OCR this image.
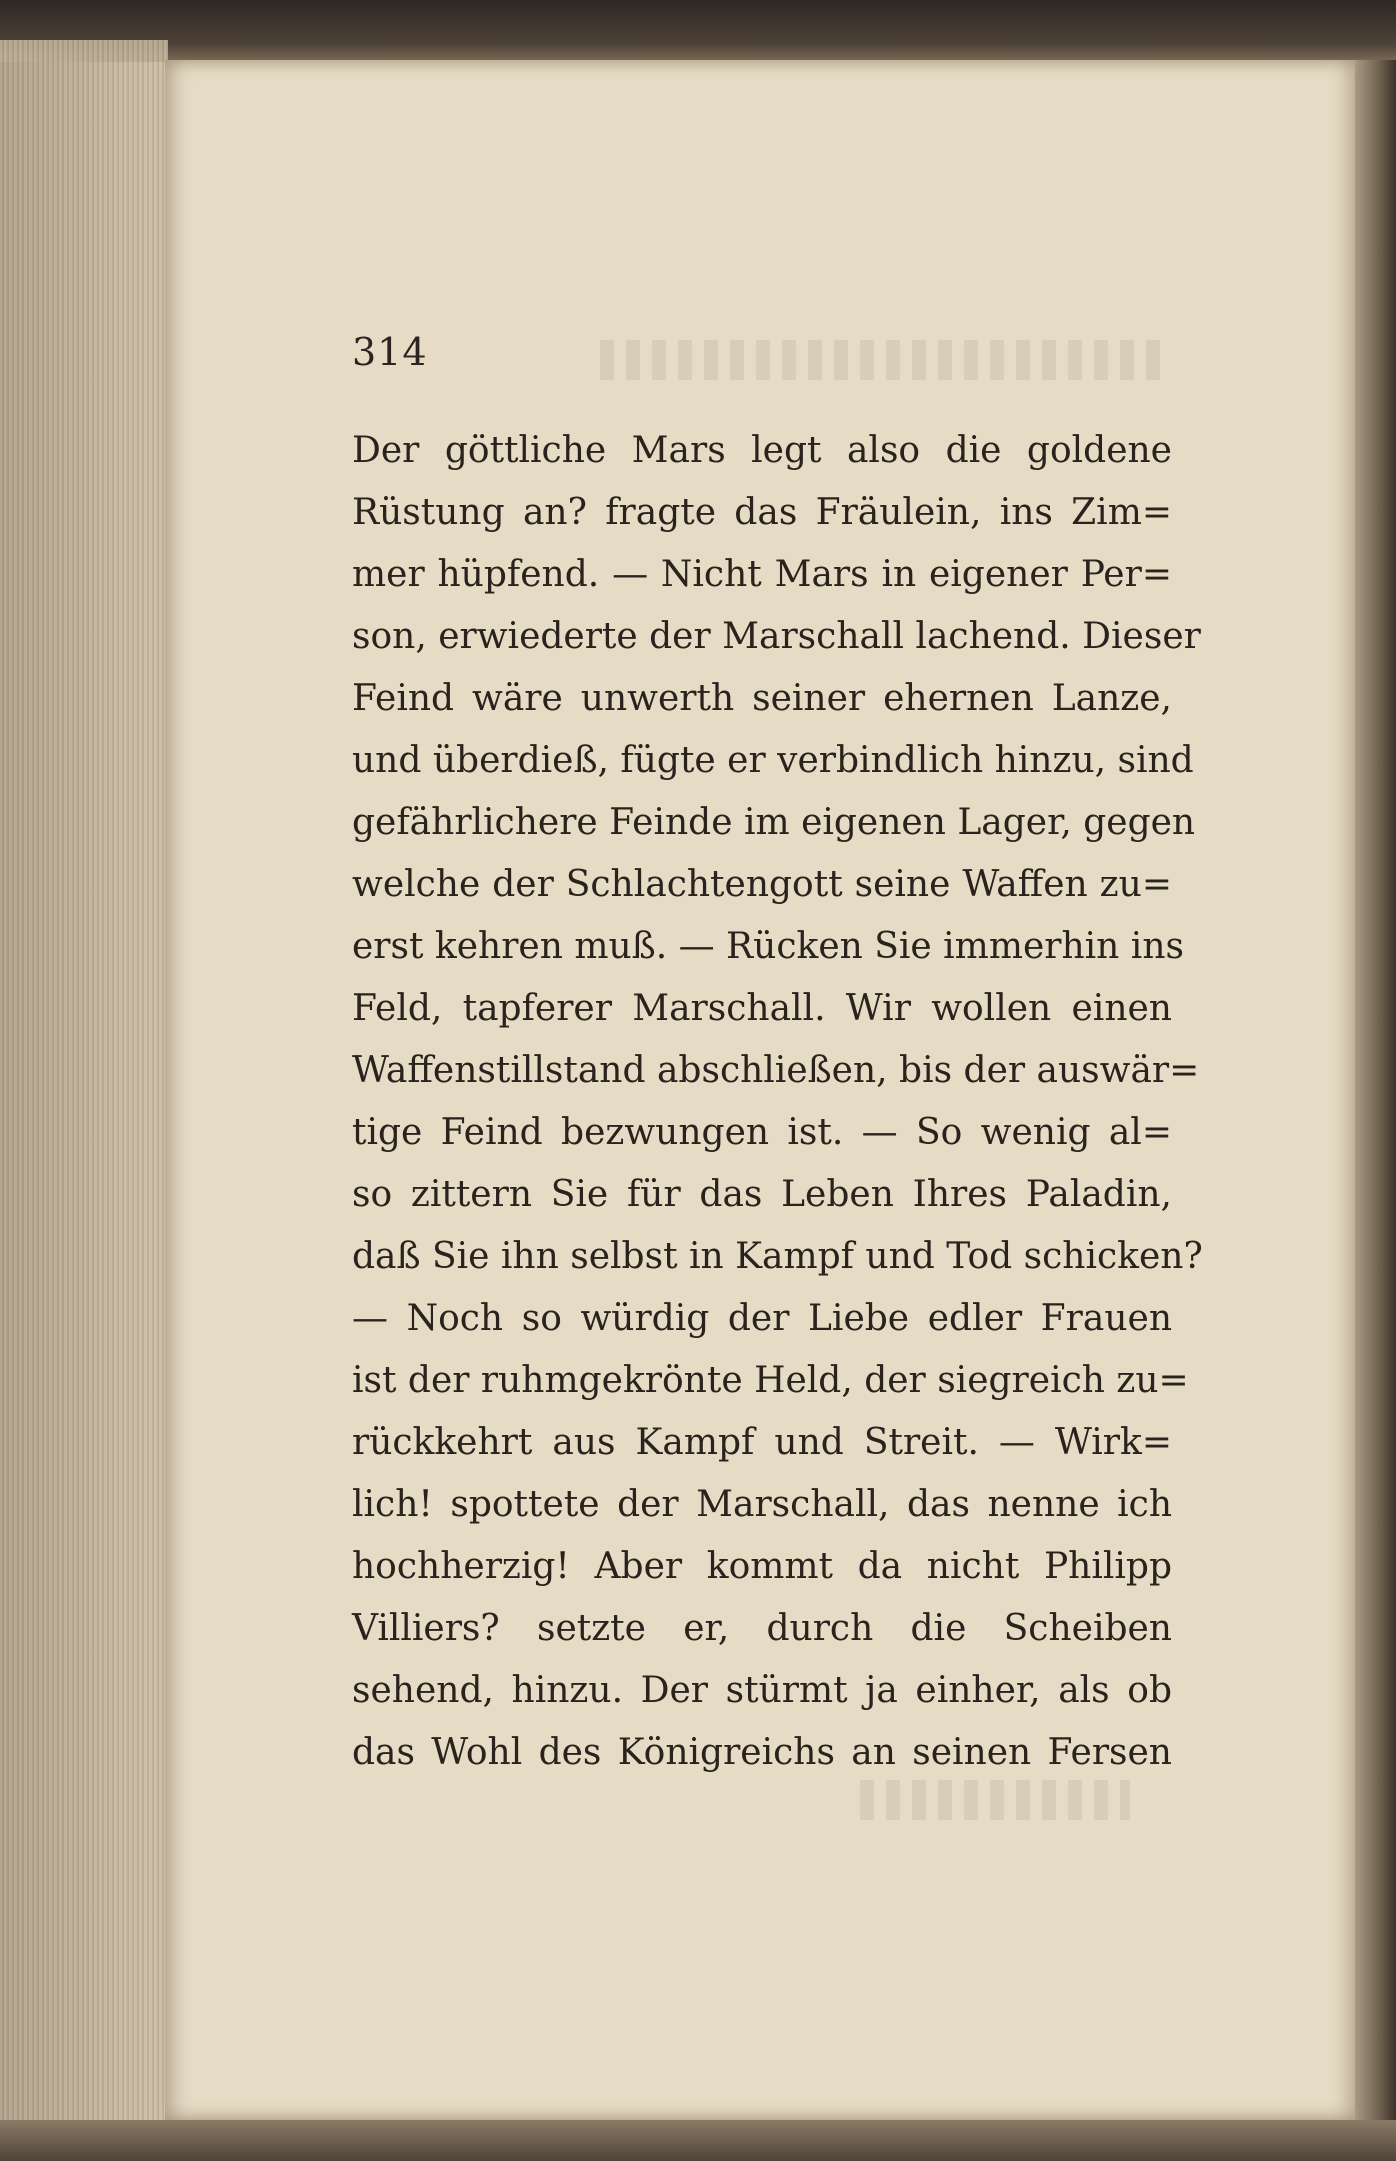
314
Der göttliche Mars legt also die goldene
Rüstung an? fragte das Fräulein, ins Zim=
mer hüpfend. — Nicht Mars in eigener Per=
son, erwiederte der Marschall lachend. Dieser
Feind wäre unwerth seiner ehernen Lanze,
und überdieß, fügte er verbindlich hinzu, sind
gefährlichere Feinde im eigenen Lager, gegen
welche der Schlachtengott seine Waffen zu=
erst kehren muß. — Rücken Sie immerhin ins
Feld, tapferer Marschall. Wir wollen einen
Waffenstillstand abschließen, bis der auswär=
tige Feind bezwungen ist. — So wenig al=
so zittern Sie für das Leben Ihres Paladin,
daß Sie ihn selbst in Kampf und Tod schicken?
— Noch so würdig der Liebe edler Frauen
ist der ruhmgekrönte Held, der siegreich zu=
rückkehrt aus Kampf und Streit. — Wirk=
lich! spottete der Marschall, das nenne ich
hochherzig! Aber kommt da nicht Philipp
Villiers? setzte er, durch die Scheiben
sehend, hinzu. Der stürmt ja einher, als ob
das Wohl des Königreichs an seinen Fersen
